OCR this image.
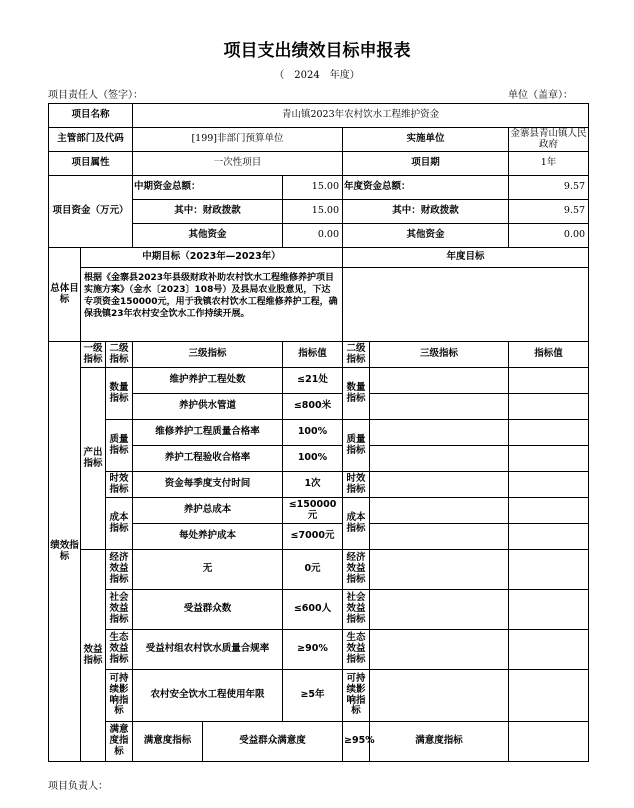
项目支出绩效目标申报表
（　2024　年度）
项目责任人（签字）：	单位（盖章）：
项目名称			青山镇2023年农村饮水工程维护资金						
主管部门及代码			[199]非部门预算单位			实施单位		金寨县青山镇人民政府	
项目属性			一次性项目			项目期		1年	
项目资金（万元）			中期资金总额：		15.00	年度资金总额：		9.57	
			其中：财政拨款		15.00	其中：财政拨款		9.57	
			其他资金		0.00	其他资金		0.00	
总体目标	中期目标（2023年—2023年）					年度目标			
	根据《金寨县2023年县级财政补助农村饮水工程维修养护项目实施方案》（金水〔2023〕108号）及县局农业股意见，下达专项资金150000元，用于我镇农村饮水工程维修养护工程，确保我镇23年农村安全饮水工作持续开展。								
绩效指标	一级指标	二级指标	三级指标		指标值	二级指标	三级指标	指标值	
	产出指标	数量指标	维护养护工程处数		≤21处	数量指标			
			养护供水管道		≤800米				
		质量指标	维修养护工程质量合格率		100%	质量指标			
			养护工程验收合格率		100%				
		时效指标	资金每季度支付时间		1次	时效指标			
		成本指标	养护总成本		≤150000元	成本指标			
			每处养护成本		≤7000元				
	效益指标	经济效益指标	无		0元	经济效益指标			
		社会效益指标	受益群众数		≤600人	社会效益指标			
		生态效益指标	受益村组农村饮水质量合规率		≥90%	生态效益指标			
		可持续影响指标	农村安全饮水工程使用年限		≥5年	可持续影响指标			
		满意度指标	满意度指标	受益群众满意度		≥95%	满意度指标		
项目负责人：
